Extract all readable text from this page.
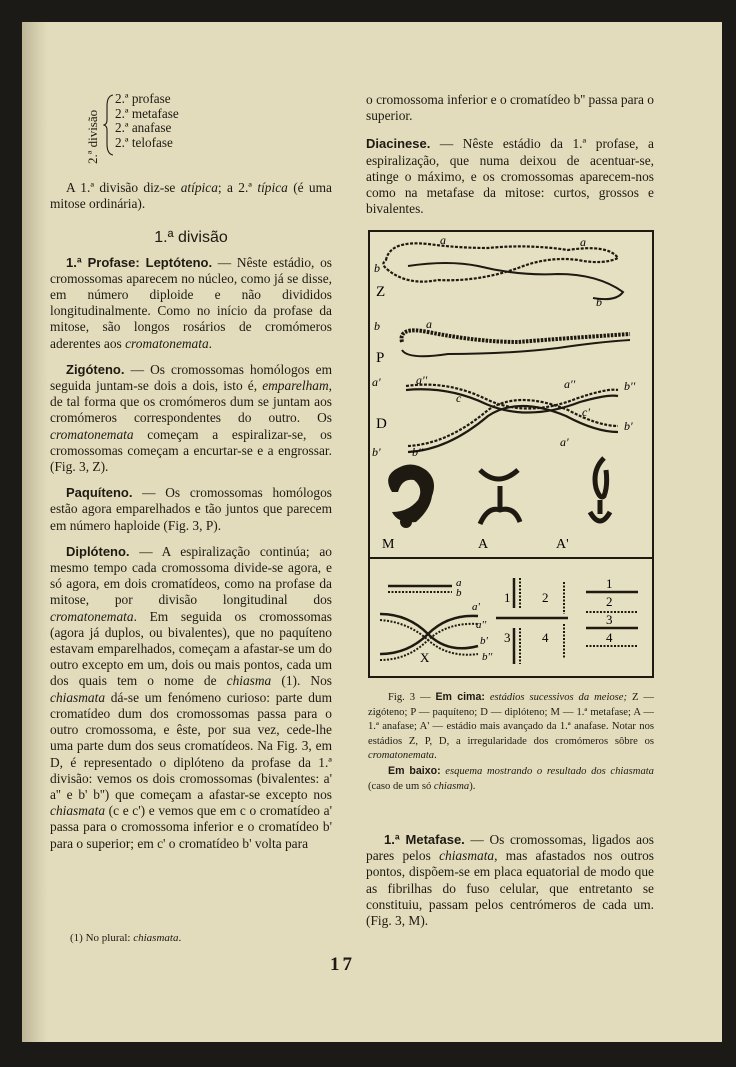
2.ª divisão
2.ª profase
2.ª metafase
2.ª anafase
2.ª telofase

A 1.ª divisão diz-se atípica; a 2.ª típica (é uma mitose ordinária).

1.ª divisão

1.ª Profase: Leptóteno. — Nêste estádio, os cromossomas aparecem no núcleo, como já se disse, em número diploide e não divididos longitudinalmente. Como no início da profase da mitose, são longos rosários de cromómeros aderentes aos cromatonemata.

Zigóteno. — Os cromossomas homólogos em seguida juntam-se dois a dois, isto é, emparelham, de tal forma que os cromómeros dum se juntam aos cromómeros correspondentes do outro. Os cromatonemata começam a espiralizar-se, os cromossomas começam a encurtar-se e a engrossar. (Fig. 3, Z).

Paquíteno. — Os cromossomas homólogos estão agora emparelhados e tão juntos que parecem em número haploide (Fig. 3, P).

Diplóteno. — A espiralização continúa; ao mesmo tempo cada cromossoma divide-se agora, e só agora, em dois cromatídeos, como na profase da mitose, por divisão longitudinal dos cromatonemata. Em seguida os cromossomas (agora já duplos, ou bivalentes), que no paquíteno estavam emparelhados, começam a afastar-se um do outro excepto em um, dois ou mais pontos, cada um dos quais tem o nome de chiasma (1). Nos chiasmata dá-se um fenómeno curioso: parte dum cromatídeo dum dos cromossomas passa para o outro cromossoma, e êste, por sua vez, cede-lhe uma parte dum dos seus cromatídeos. Na Fig. 3, em D, é representado o diplóteno da profase da 1.ª divisão: vemos os dois cromossomas (bivalentes: a' a'' e b' b'') que começam a afastar-se excepto nos chiasmata (c e c') e vemos que em c o cromatídeo a' passa para o cromossoma inferior e o cromatídeo b' para o superior; em c' o cromatídeo b' volta para

(1) No plural: chiasmata.

o cromossoma inferior e o cromatídeo b'' passa para o superior.

Diacinese. — Nêste estádio da 1.ª profase, a espiralização, que numa deixou de acentuar-se, atinge o máximo, e os cromossomas aparecem-nos como na metafase da mitose: curtos, grossos e bivalentes.

b
a	a
b
Z
b	a
P
a'	a''
c
a''	b''
c'
b'
a'
b'	b''
D
M	A	A'
a
b
a'
a''
b'
b''
X
1 2
3 4
1
2
3
4
Fig. 3 — Em cima: estádios sucessivos da meiose; Z — zigóteno; P — paquíteno; D — diplóteno; M — 1.ª metafase; A — 1.ª anafase; A' — estádio mais avançado da 1.ª anafase. Notar nos estádios Z, P, D, a irregularidade dos cromómeros sôbre os cromatonemata.
Em baixo: esquema mostrando o resultado dos chiasmata (caso de um só chiasma).

1.ª Metafase. — Os cromossomas, ligados aos pares pelos chiasmata, mas afastados nos outros pontos, dispõem-se em placa equatorial de modo que as fibrilhas do fuso celular, que entretanto se constituiu, passam pelos centrómeros de cada um. (Fig. 3, M).

17
